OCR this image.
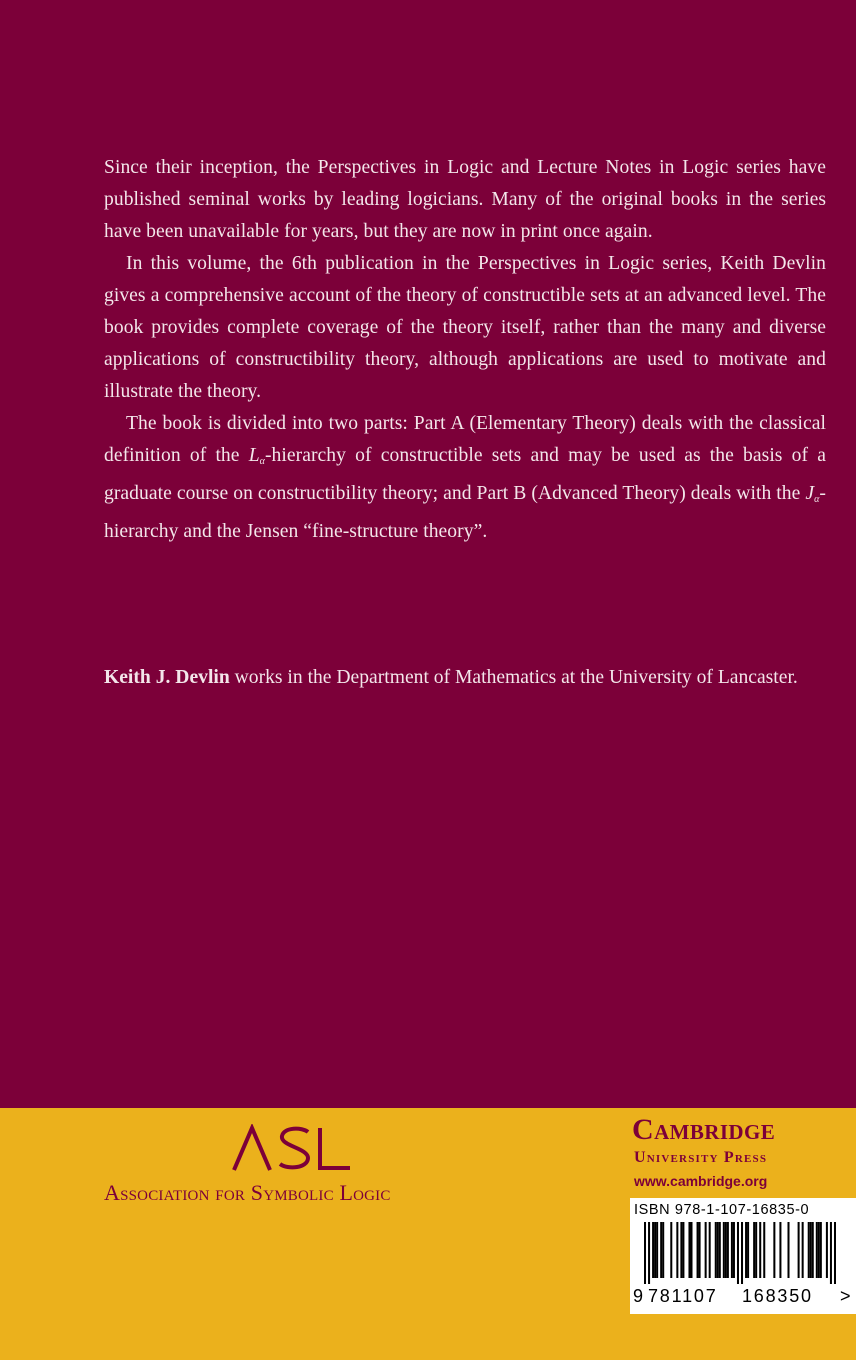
Since their inception, the Perspectives in Logic and Lecture Notes in Logic series have published seminal works by leading logicians. Many of the original books in the series have been unavailable for years, but they are now in print once again.

In this volume, the 6th publication in the Perspectives in Logic series, Keith Devlin gives a comprehensive account of the theory of constructible sets at an advanced level. The book provides complete coverage of the theory itself, rather than the many and diverse applications of constructibility theory, although applications are used to motivate and illustrate the theory.

The book is divided into two parts: Part A (Elementary Theory) deals with the classical definition of the $L_\alpha$-hierarchy of constructible sets and may be used as the basis of a graduate course on constructibility theory; and Part B (Advanced Theory) deals with the $J_\alpha$-hierarchy and the Jensen “fine-structure theory”.

Keith J. Devlin works in the Department of Mathematics at the University of Lancaster.

Association for Symbolic Logic
Cambridge
University Press
www.cambridge.org
ISBN 978-1-107-16835-0
9 781107 168350 >
